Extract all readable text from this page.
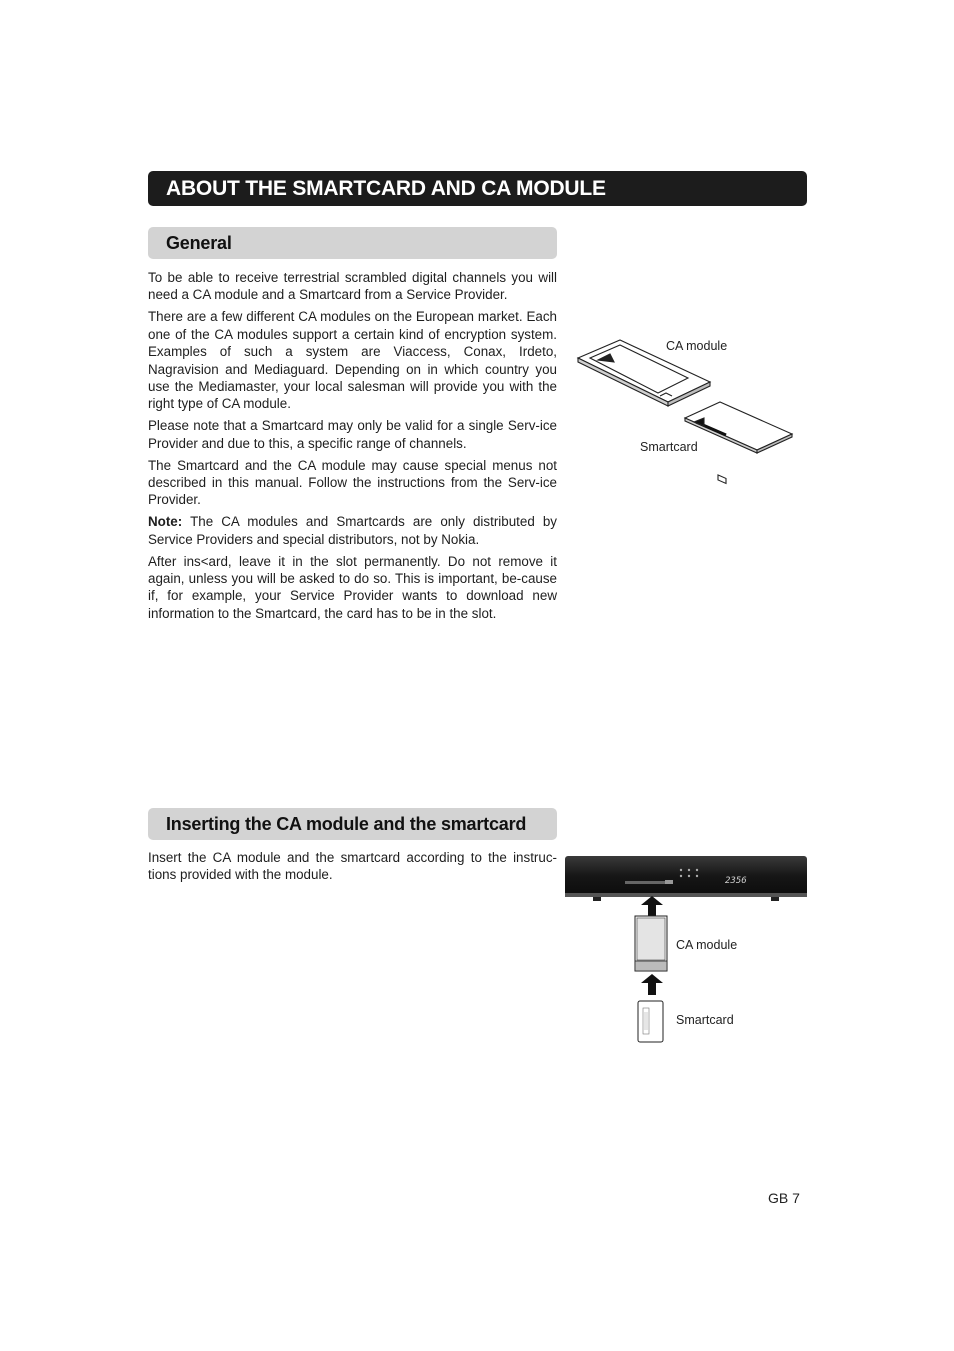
ABOUT THE SMARTCARD AND CA MODULE
General

To be able to receive terrestrial scrambled digital channels you will need a CA module and a Smartcard from a Service Provider.

There are a few different CA modules on the European market. Each one of the CA modules support a certain kind of encryption system. Examples of such a system are Viaccess, Conax, Irdeto, Nagravision and Mediaguard. Depending on in which country you use the Mediamaster, your local salesman will provide you with the right type of CA module.

Please note that a Smartcard may only be valid for a single Serv-ice Provider and due to this, a specific range of channels.

The Smartcard and the CA module may cause special menus not described in this manual. Follow the instructions from the Serv-ice Provider.

Note: The CA modules and Smartcards are only distributed by Service Providers and special distributors, not by Nokia.

After ins<ard, leave it in the slot permanently. Do not remove it again, unless you will be asked to do so. This is important, be-cause if, for example, your Service Provider wants to download new information to the Smartcard, the card has to be in the slot.

CA module
Smartcard
Inserting the CA module and the smartcard

Insert the CA module and the smartcard according to the instruc-tions provided with the module.	2356
CA module
Smartcard
GB 7
